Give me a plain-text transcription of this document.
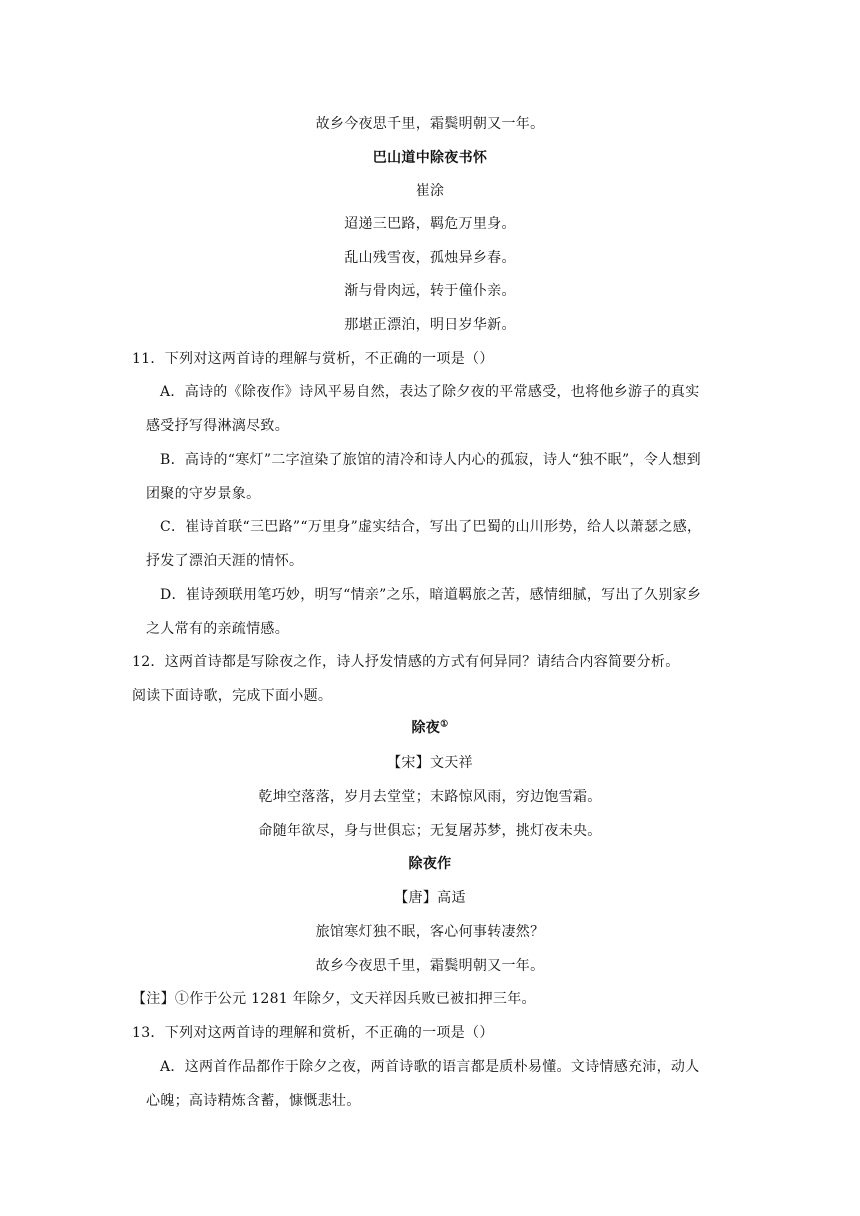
故乡今夜思千里，霜鬓明朝又一年。
巴山道中除夜书怀
崔涂
迢递三巴路，羁危万里身。
乱山残雪夜，孤烛异乡春。
渐与骨肉远，转于僮仆亲。
那堪正漂泊，明日岁华新。
11．下列对这两首诗的理解与赏析，不正确的一项是（）
A．高诗的《除夜作》诗风平易自然，表达了除夕夜的平常感受，也将他乡游子的真实
感受抒写得淋漓尽致。
B．高诗的“寒灯”二字渲染了旅馆的清冷和诗人内心的孤寂，诗人“独不眠”，令人想到
团聚的守岁景象。
C．崔诗首联“三巴路”“万里身”虚实结合，写出了巴蜀的山川形势，给人以萧瑟之感，
抒发了漂泊天涯的情怀。
D．崔诗颈联用笔巧妙，明写“情亲”之乐，暗道羁旅之苦，感情细腻，写出了久别家乡
之人常有的亲疏情感。
12．这两首诗都是写除夜之作，诗人抒发情感的方式有何异同？请结合内容简要分析。
阅读下面诗歌，完成下面小题。
除夜①
【宋】文天祥
乾坤空落落，岁月去堂堂；末路惊风雨，穷边饱雪霜。
命随年欲尽，身与世俱忘；无复屠苏梦，挑灯夜未央。
除夜作
【唐】高适
旅馆寒灯独不眠，客心何事转凄然？
故乡今夜思千里，霜鬓明朝又一年。
【注】①作于公元 1281 年除夕，文天祥因兵败已被扣押三年。
13．下列对这两首诗的理解和赏析，不正确的一项是（）
A．这两首作品都作于除夕之夜，两首诗歌的语言都是质朴易懂。文诗情感充沛，动人
心魄；高诗精炼含蓄，慷慨悲壮。
